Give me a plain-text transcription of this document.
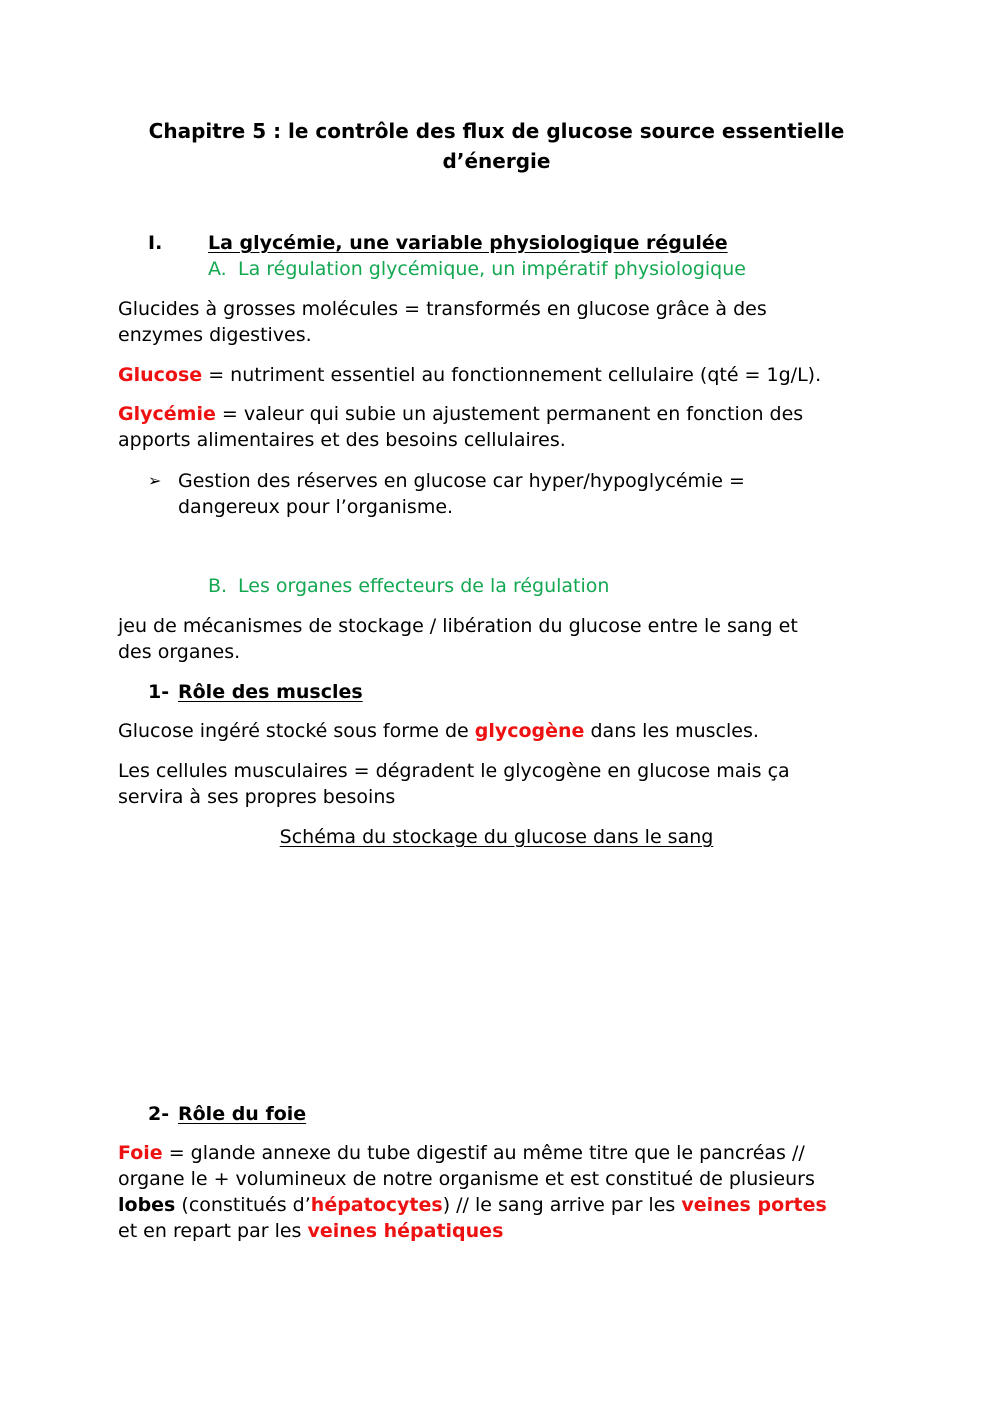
Chapitre 5 : le contrôle des flux de glucose source essentielle
d’énergie
I. La glycémie, une variable physiologique régulée
A. La régulation glycémique, un impératif physiologique
Glucides à grosses molécules = transformés en glucose grâce à des
enzymes digestives.
Glucose = nutriment essentiel au fonctionnement cellulaire (qté = 1g/L).
Glycémie = valeur qui subie un ajustement permanent en fonction des
apports alimentaires et des besoins cellulaires.
➢ Gestion des réserves en glucose car hyper/hypoglycémie =
dangereux pour l’organisme.
B. Les organes effecteurs de la régulation
jeu de mécanismes de stockage / libération du glucose entre le sang et
des organes.
1- Rôle des muscles
Glucose ingéré stocké sous forme de glycogène dans les muscles.
Les cellules musculaires = dégradent le glycogène en glucose mais ça
servira à ses propres besoins
Schéma du stockage du glucose dans le sang
2- Rôle du foie
Foie = glande annexe du tube digestif au même titre que le pancréas //
organe le + volumineux de notre organisme et est constitué de plusieurs
lobes (constitués d’hépatocytes) // le sang arrive par les veines portes
et en repart par les veines hépatiques
